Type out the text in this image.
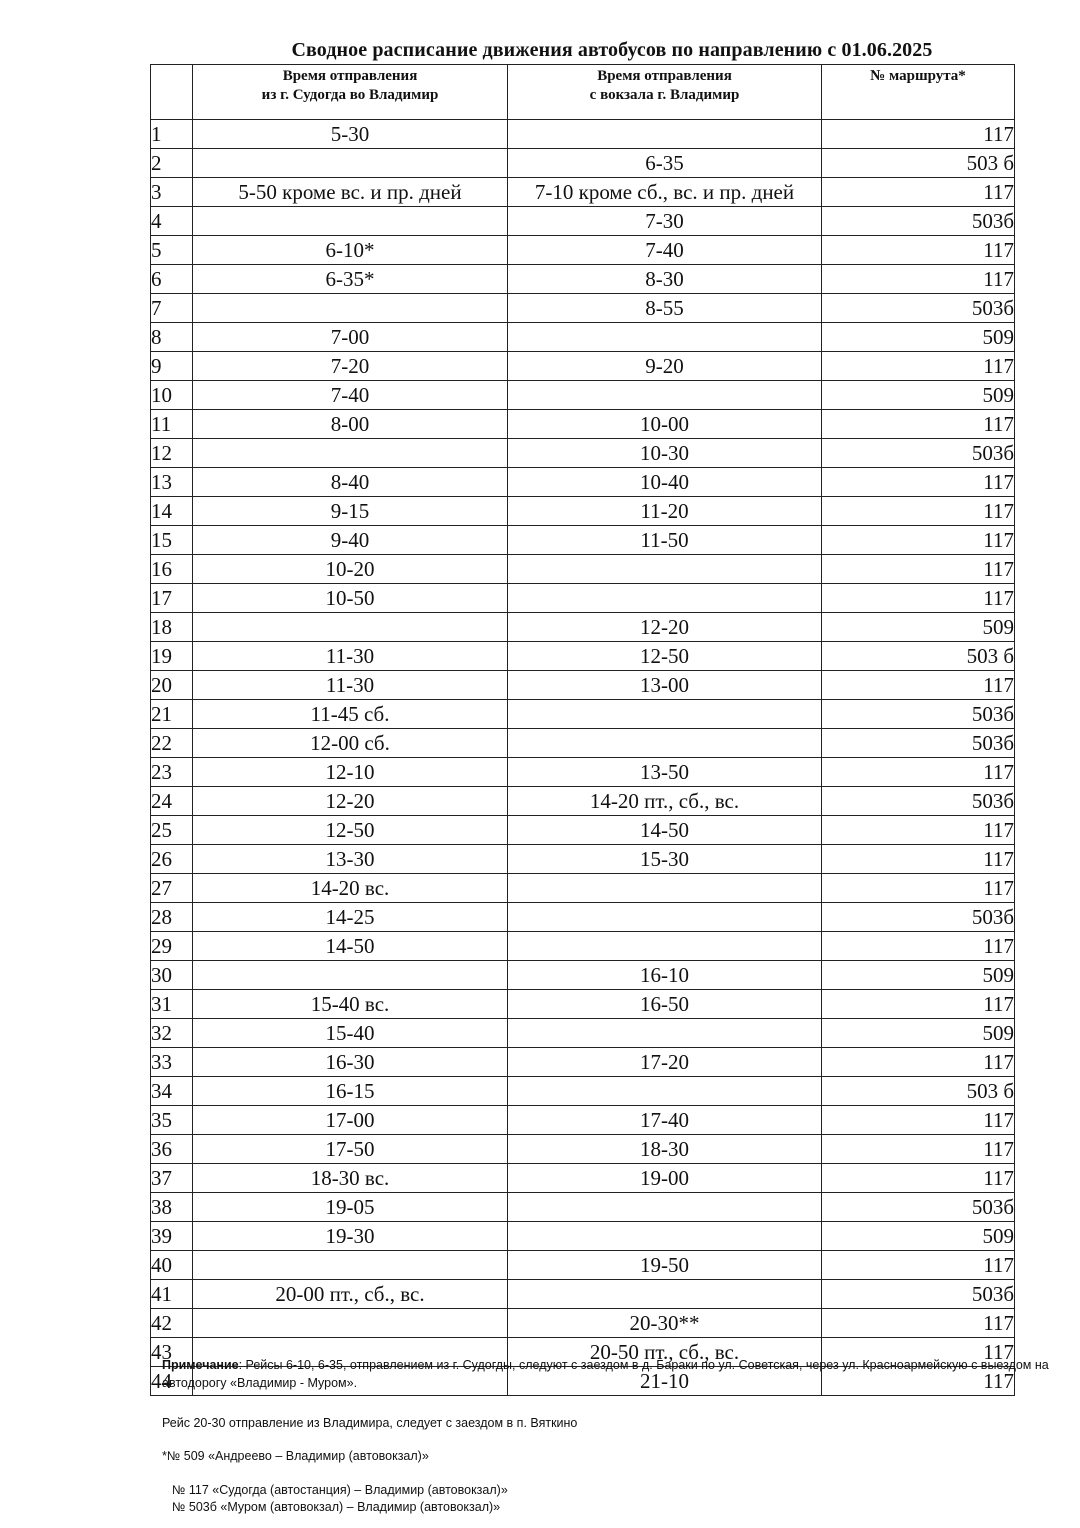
Сводное расписание движения автобусов по направлению с 01.06.2025
	Время отправления
из г. Судогда во Владимир	Время отправления
с вокзала г. Владимир	№ маршрута*
1	5-30		117
2		6-35	503 б
3	5-50 кроме вс. и пр. дней	7-10 кроме сб., вс. и пр. дней	117
4		7-30	503б
5	6-10*	7-40	117
6	6-35*	8-30	117
7		8-55	503б
8	7-00		509
9	7-20	9-20	117
10	7-40		509
11	8-00	10-00	117
12		10-30	503б
13	8-40	10-40	117
14	9-15	11-20	117
15	9-40	11-50	117
16	10-20		117
17	10-50		117
18		12-20	509
19	11-30	12-50	503 б
20	11-30	13-00	117
21	11-45 сб.		503б
22	12-00 сб.		503б
23	12-10	13-50	117
24	12-20	14-20 пт., сб., вс.	503б
25	12-50	14-50	117
26	13-30	15-30	117
27	14-20 вс.		117
28	14-25		503б
29	14-50		117
30		16-10	509
31	15-40 вс.	16-50	117
32	15-40		509
33	16-30	17-20	117
34	16-15		503 б
35	17-00	17-40	117
36	17-50	18-30	117
37	18-30 вс.	19-00	117
38	19-05		503б
39	19-30		509
40		19-50	117
41	20-00 пт., сб., вс.		503б
42		20-30**	117
43		20-50 пт., сб., вс.	117
44		21-10	117

Примечание: Рейсы 6-10, 6-35, отправлением из г. Судогды, следуют с заездом в д. Бараки по ул. Советская, через ул. Красноармейскую с выездом на автодорогу «Владимир - Муром».

Рейс 20-30 отправление из Владимира, следует с заездом в п. Вяткино

*№ 509 «Андреево – Владимир (автовокзал)»

№ 117 «Судогда (автостанция) – Владимир (автовокзал)»
№ 503б «Муром (автовокзал) – Владимир (автовокзал)»
